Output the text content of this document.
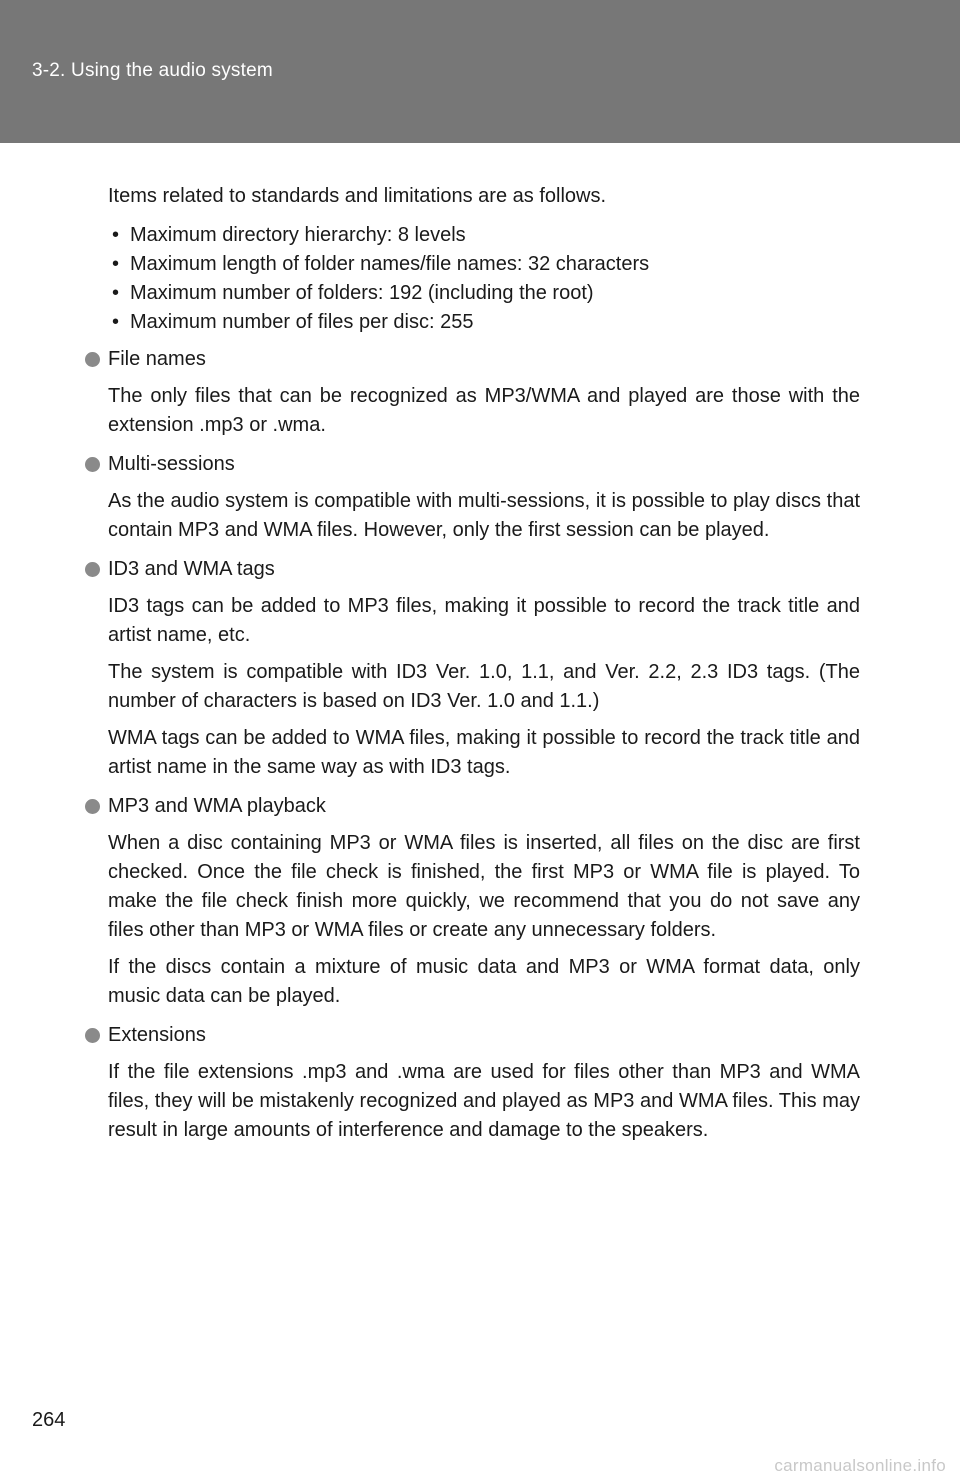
3-2. Using the audio system

Items related to standards and limitations are as follows.

• Maximum directory hierarchy: 8 levels
• Maximum length of folder names/file names: 32 characters
• Maximum number of folders: 192 (including the root)
• Maximum number of files per disc: 255

File names

The only files that can be recognized as MP3/WMA and played are those with the extension .mp3 or .wma.

Multi-sessions

As the audio system is compatible with multi-sessions, it is possible to play discs that contain MP3 and WMA files. However, only the first session can be played.

ID3 and WMA tags

ID3 tags can be added to MP3 files, making it possible to record the track title and artist name, etc.

The system is compatible with ID3 Ver. 1.0, 1.1, and Ver. 2.2, 2.3 ID3 tags. (The number of characters is based on ID3 Ver. 1.0 and 1.1.)

WMA tags can be added to WMA files, making it possible to record the track title and artist name in the same way as with ID3 tags.

MP3 and WMA playback

When a disc containing MP3 or WMA files is inserted, all files on the disc are first checked. Once the file check is finished, the first MP3 or WMA file is played. To make the file check finish more quickly, we recommend that you do not save any files other than MP3 or WMA files or create any unnecessary folders.

If the discs contain a mixture of music data and MP3 or WMA format data, only music data can be played.

Extensions

If the file extensions .mp3 and .wma are used for files other than MP3 and WMA files, they will be mistakenly recognized and played as MP3 and WMA files. This may result in large amounts of interference and damage to the speakers.

264
carmanualsonline.info
